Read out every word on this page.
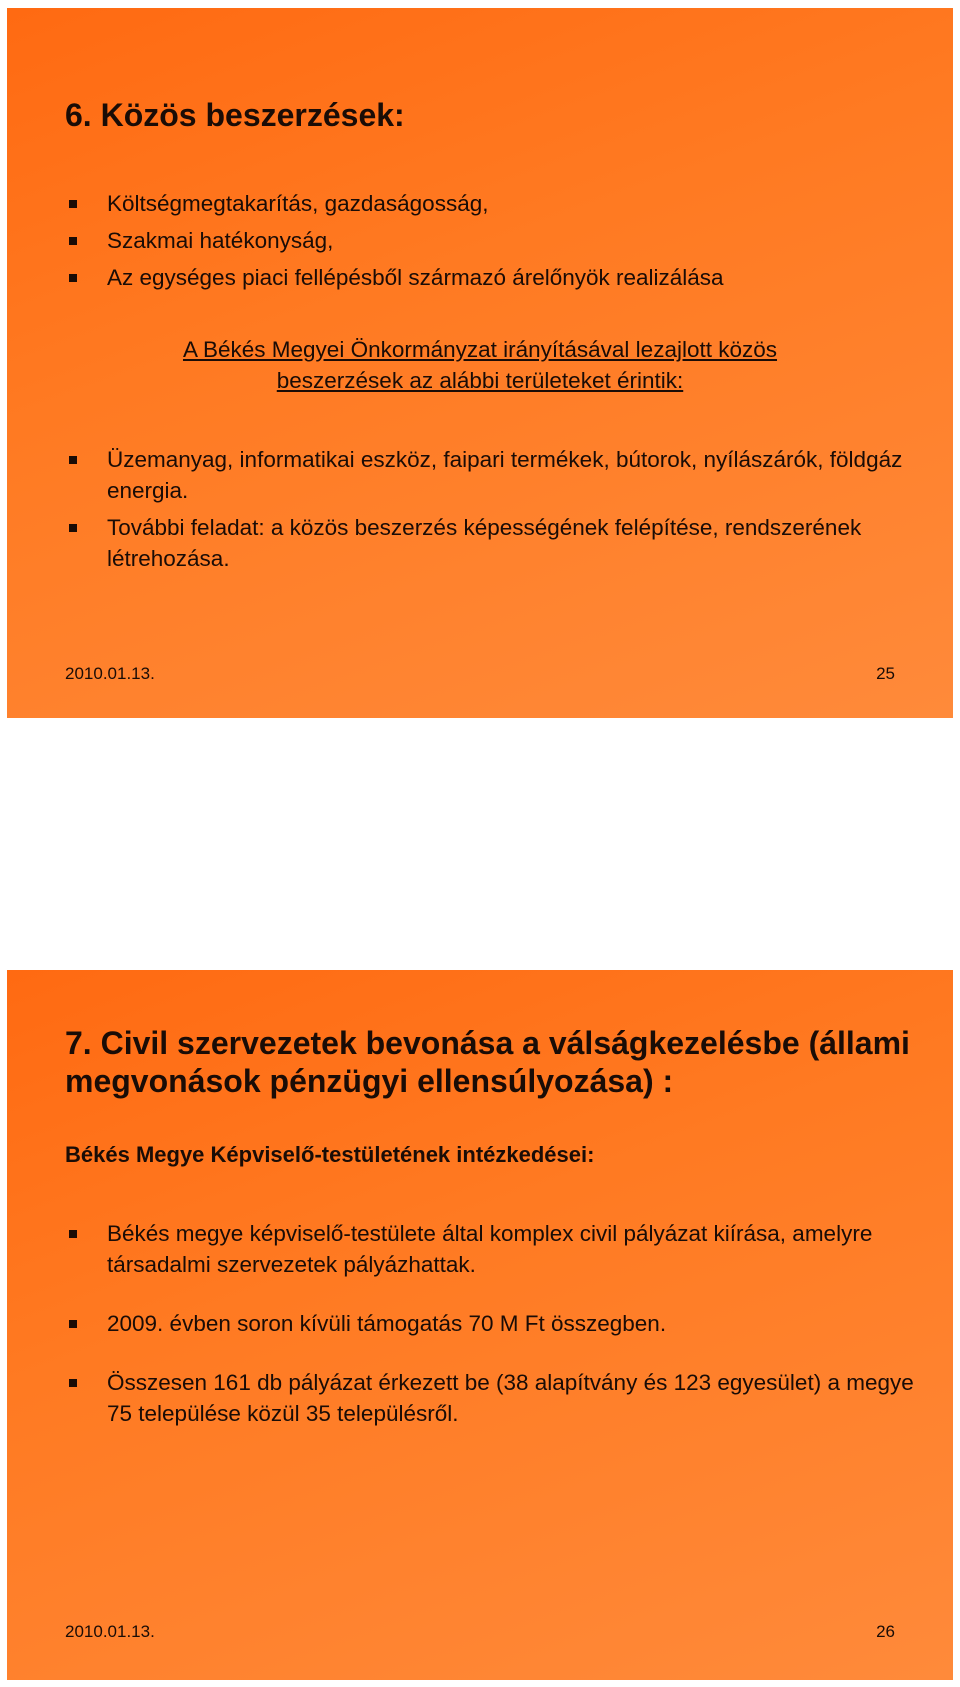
6. Közös beszerzések:
Költségmegtakarítás, gazdaságosság,
Szakmai hatékonyság,
Az egységes piaci fellépésből származó árelőnyök realizálása

A Békés Megyei Önkormányzat irányításával lezajlott közös
beszerzések az alábbi területeket érintik:

Üzemanyag, informatikai eszköz, faipari termékek, bútorok, nyílászárók, földgáz energia.
További feladat: a közös beszerzés képességének felépítése, rendszerének létrehozása.
2010.01.13.	25
7. Civil szervezetek bevonása a válságkezelésbe (állami megvonások pénzügyi ellensúlyozása) :

Békés Megye Képviselő-testületének intézkedései:

Békés megye képviselő-testülete által komplex civil pályázat kiírása, amelyre társadalmi szervezetek pályázhattak.
2009. évben soron kívüli támogatás 70 M Ft összegben.
Összesen 161 db pályázat érkezett be (38 alapítvány és 123 egyesület) a megye 75 települése közül 35 településről.
2010.01.13.	26
